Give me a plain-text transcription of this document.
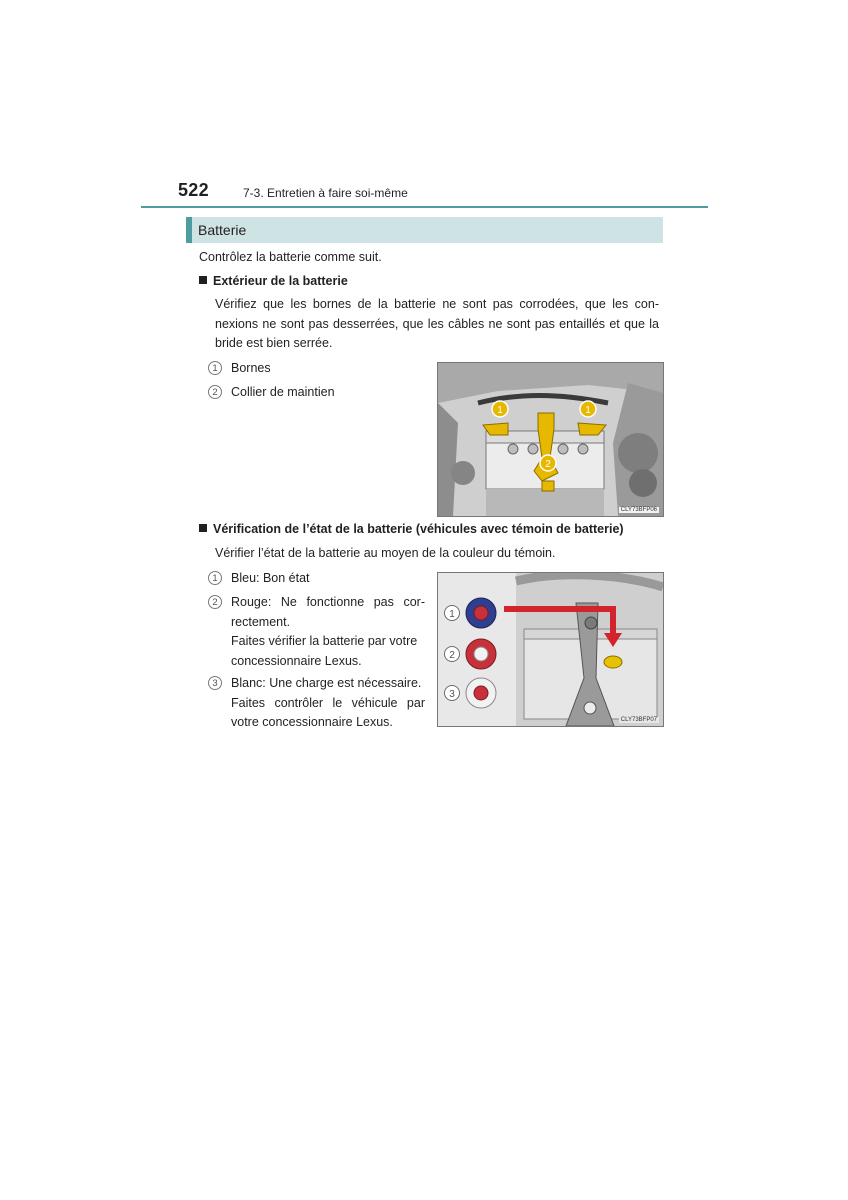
522	7-3. Entretien à faire soi-même
Batterie
Contrôlez la batterie comme suit.
Extérieur de la batterie
Vérifiez que les bornes de la batterie ne sont pas corrodées, que les con-
nexions ne sont pas desserrées, que les câbles ne sont pas entaillés et que la
bride est bien serrée.
1	Bornes
2	Collier de maintien
1	1
2
CLY73BFP06
Vérification de l’état de la batterie (véhicules avec témoin de batterie)
Vérifier l’état de la batterie au moyen de la couleur du témoin.
1	Bleu: Bon état
2	Rouge: Ne fonctionne pas cor-
rectement.
Faites vérifier la batterie par votre
concessionnaire Lexus.
3	Blanc: Une charge est nécessaire.
Faites contrôler le véhicule par
votre concessionnaire Lexus.
1
2
3
CLY73BFP07
